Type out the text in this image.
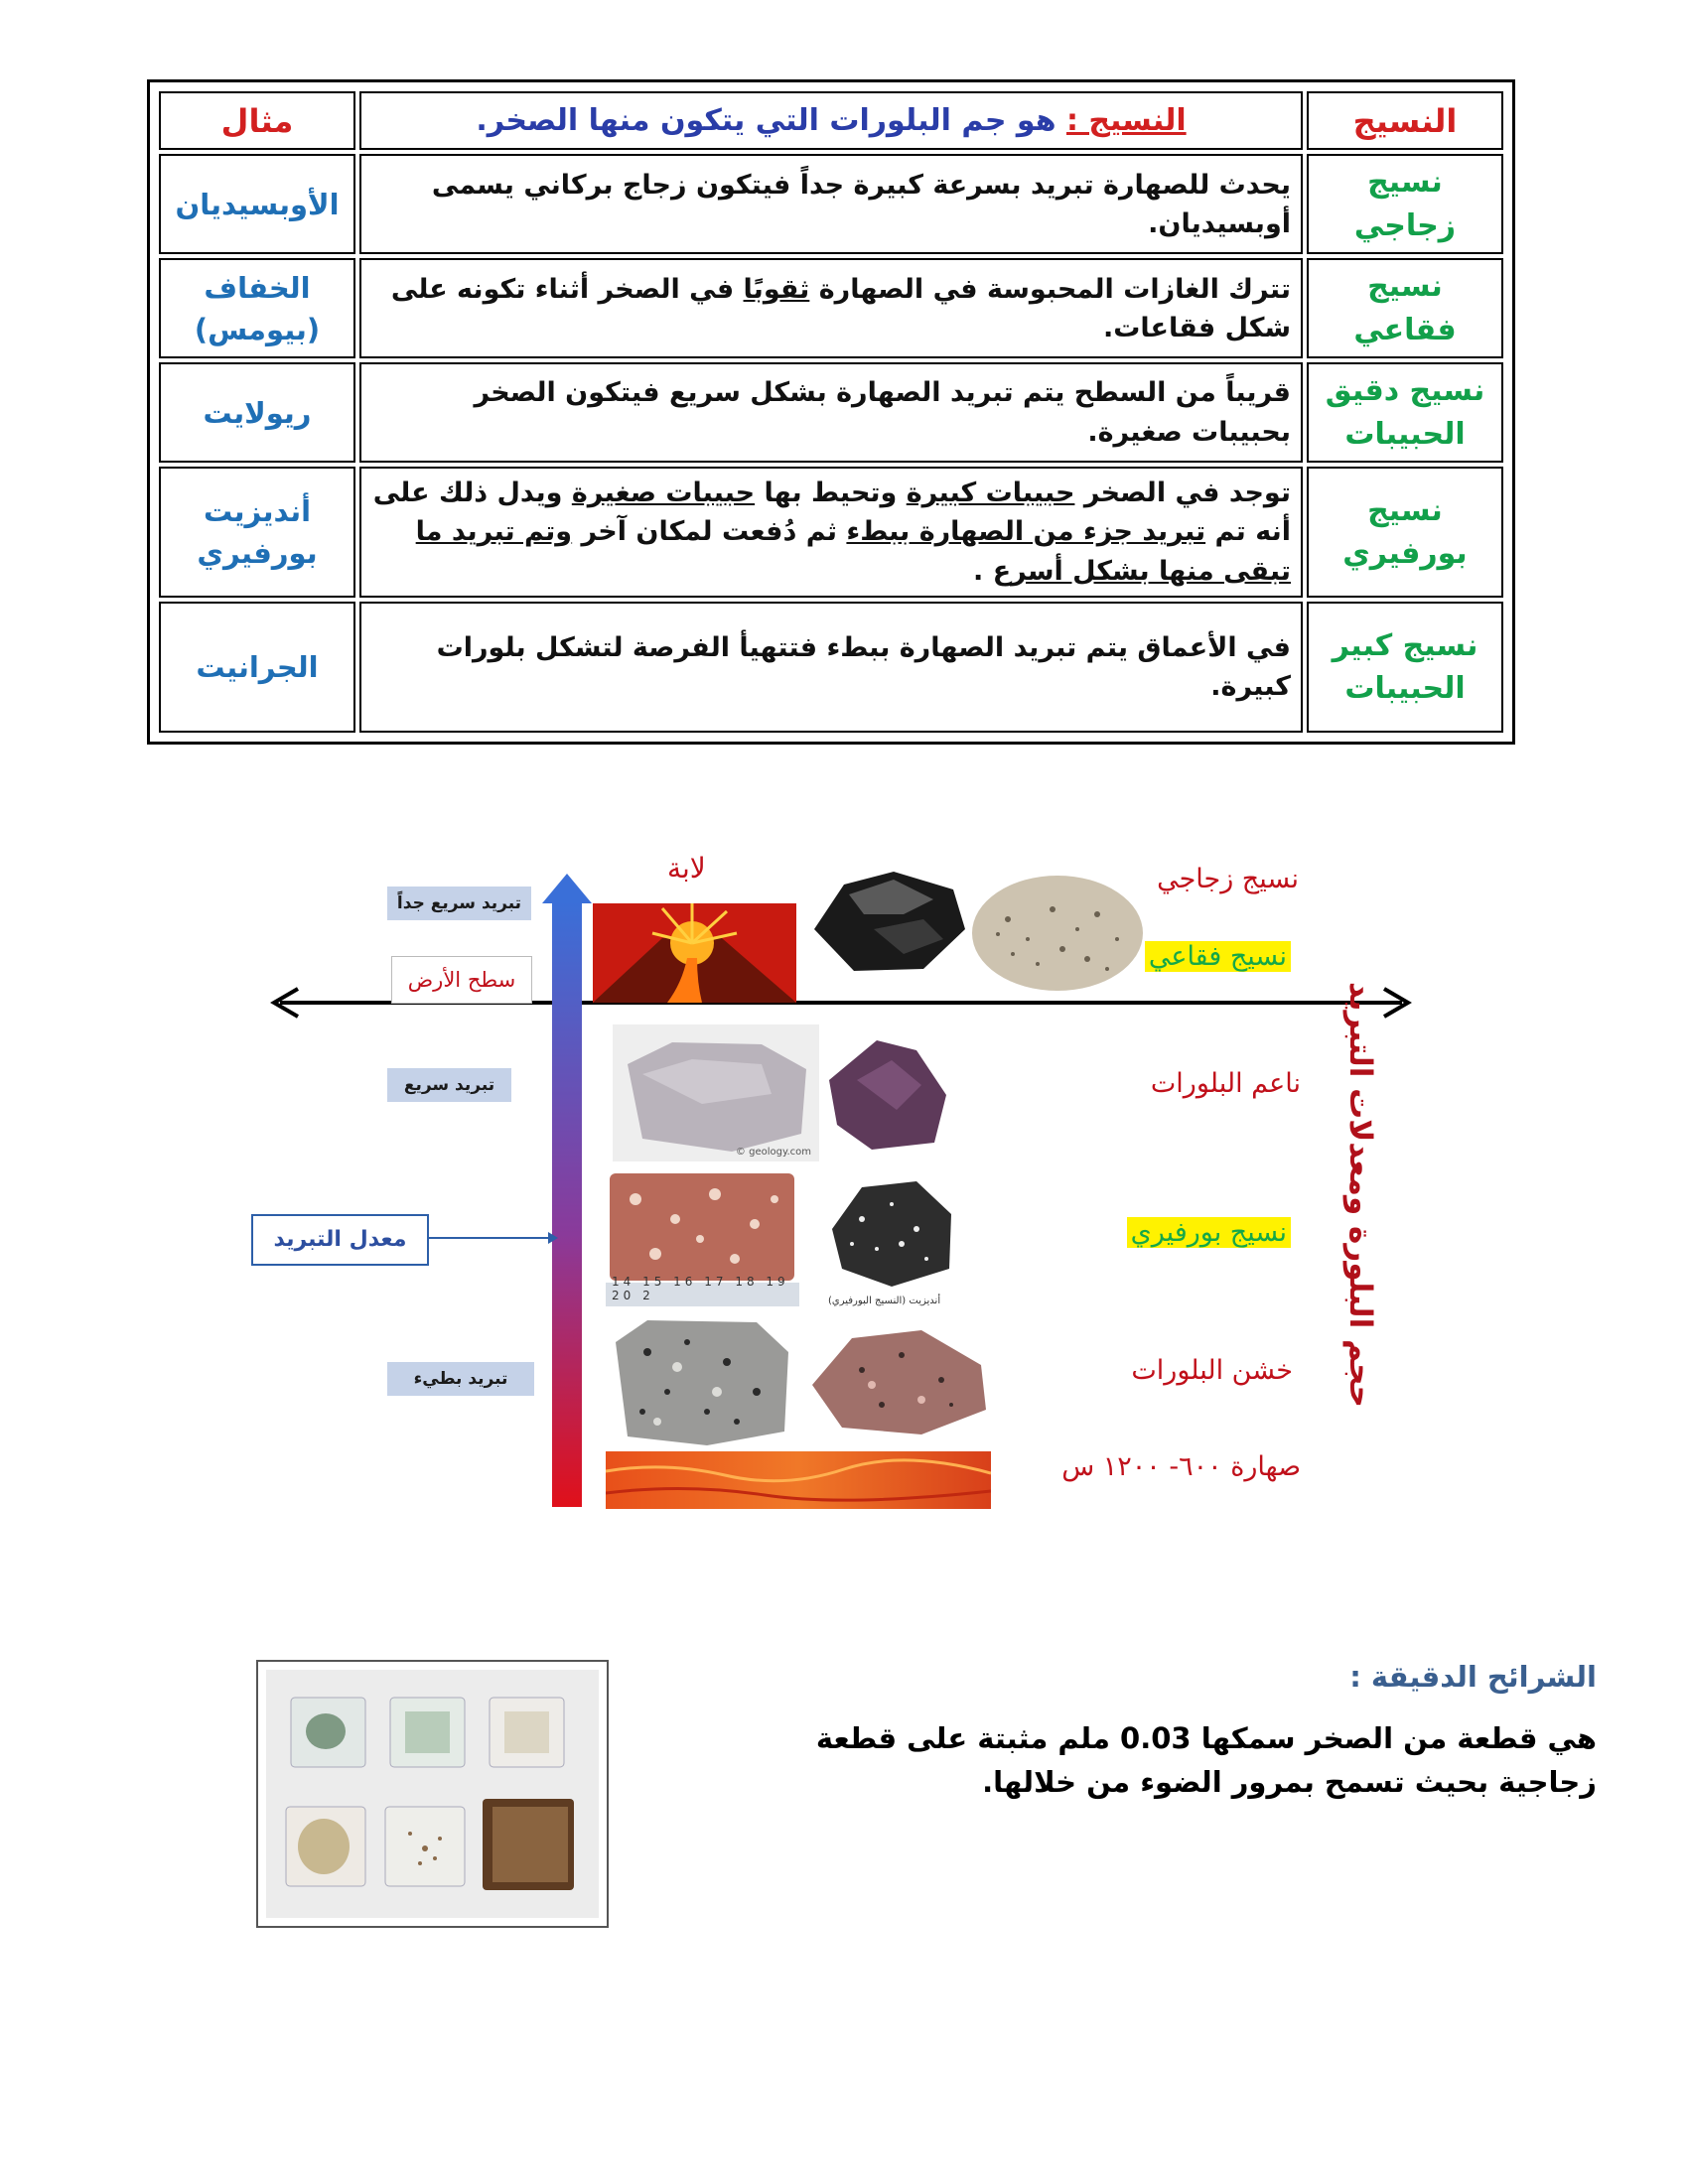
النسيج	النسيج : هو جم البلورات التي يتكون منها الصخر.	مثال
نسيج زجاجي	يحدث للصهارة تبريد بسرعة كبيرة جداً فيتكون زجاج بركاني يسمى أوبسيديان.	الأوبسيديان
نسيج فقاعي	تترك الغازات المحبوسة في الصهارة ثقوبًا في الصخر أثناء تكونه على شكل فقاعات.	الخفاف (بيومس)
نسيج دقيق الحبيبات	قريباً من السطح يتم تبريد الصهارة بشكل سريع فيتكون الصخر بحبيبات صغيرة.	ريولايت
نسيج بورفيري	توجد في الصخر حبيبات كبيرة وتحيط بها حبيبات صغيرة ويدل ذلك على أنه تم تبريد جزء من الصهارة ببطء ثم دُفعت لمكان آخر وتم تبريد ما تبقى منها بشكل أسرع .	أنديزيت بورفيري
نسيج كبير الحبيبات	في الأعماق يتم تبريد الصهارة ببطء فتتهيأ الفرصة لتشكل بلورات كبيرة.	الجرانيت
تبريد سريع جداً
سطح الأرض
تبريد سريع
معدل التبريد
تبريد بطيء
لابة	نسيج زجاجي
نسيج فقاعي
© geology.com
ناعم البلورات
14 15 16 17 18 19 20 2	أنديزيت (النسيج البورفيري)
نسيج بورفيري
خشن البلورات
صهارة ٦٠٠- ١٢٠٠ س
حجم البلورة ومعدلات التبريد
الشرائح الدقيقة :
هي قطعة من الصخر سمكها 0.03 ملم مثبتة على قطعة زجاجية بحيث تسمح بمرور الضوء من خلالها.
